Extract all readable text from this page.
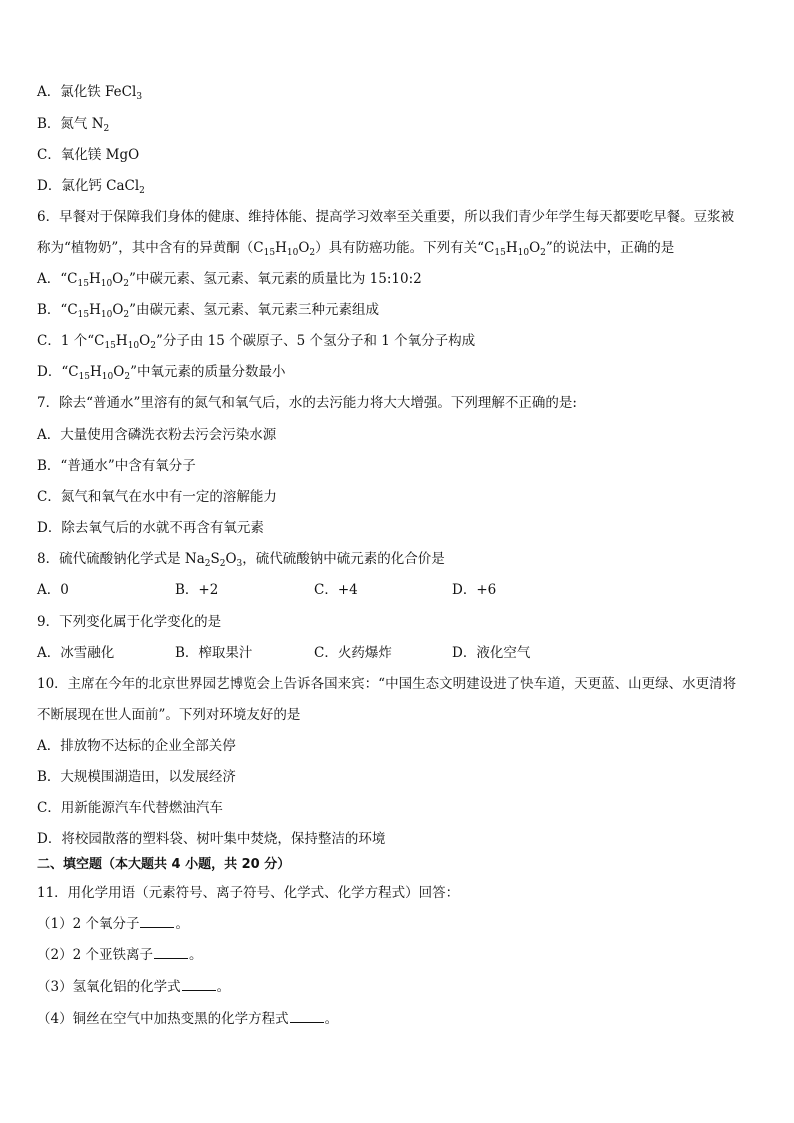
A．氯化铁 FeCl$_3$
B．氮气 $N_2$
C．氧化镁 MgO
D．氯化钙 CaCl$_2$
6．早餐对于保障我们身体的健康、维持体能、提高学习效率至关重要，所以我们青少年学生每天都要吃早餐。豆浆被
称为“植物奶”，其中含有的异黄酮$(C_{15}H_{10}O_2)$具有防癌功能。下列有关“$C_{15}H_{10}O_2$”的说法中，正确的是
A．“$C_{15}H_{10}O_2$”中碳元素、氢元素、氧元素的质量比为 15:10:2
B．“$C_{15}H_{10}O_2$”由碳元素、氢元素、氧元素三种元素组成
C．1 个“$C_{15}H_{10}O_2$”分子由 15 个碳原子、5 个氢分子和 1 个氧分子构成
D．“$C_{15}H_{10}O_2$”中氧元素的质量分数最小
7．除去“普通水”里溶有的氮气和氧气后，水的去污能力将大大增强。下列理解不正确的是:
A．大量使用含磷洗衣粉去污会污染水源
B．“普通水”中含有氧分子
C．氮气和氧气在水中有一定的溶解能力
D．除去氧气后的水就不再含有氧元素
8．硫代硫酸钠化学式是 $Na_2S_2O_3$，硫代硫酸钠中硫元素的化合价是
A．0	B．+2	C．+4	D．+6
9．下列变化属于化学变化的是
A．冰雪融化	B．榨取果汁	C．火药爆炸	D．液化空气
10．主席在今年的北京世界园艺博览会上告诉各国来宾：“中国生态文明建设进了快车道，天更蓝、山更绿、水更清将
不断展现在世人面前”。下列对环境友好的是
A．排放物不达标的企业全部关停
B．大规模围湖造田，以发展经济
C．用新能源汽车代替燃油汽车
D．将校园散落的塑料袋、树叶集中焚烧，保持整洁的环境
二、填空题（本大题共 4 小题，共 20 分）
11．用化学用语（元素符号、离子符号、化学式、化学方程式）回答：
（1）2 个氧分子	。
（2）2 个亚铁离子	。
（3）氢氧化铝的化学式	。
（4）铜丝在空气中加热变黑的化学方程式	。
